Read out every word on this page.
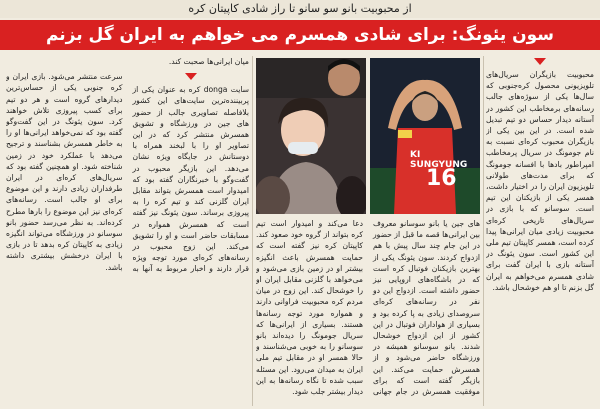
از محبوبیت بانو سو سانو تا راز شادی کاپیتان کره
سون یئونگ: برای شادی همسرم می خواهم به ایران گل بزنم

محبوبیت بازیگران سریال‌های تلویزیونی محصول کره‌جنوبی که سال‌ها یکی از سوژه‌های جالب رسانه‌های برمخاطب این کشور در آستانه دیدار حساس دو تیم تبدیل شده است. در این بین یکی از بازیگران محبوب کره‌ای نسبت به نام جومونگ در سریال پرمخاطب امپراطور بادها با افسانه جومونگ که برای مدت‌های طولانی تلویزیون ایران را در اختیار داشت، همسر یکی از بازیکنان این تیم است. سوسانو که با بازی در سریال‌های تاریخی کره‌ای محبوبیت زیادی میان ایرانی‌ها پیدا کرده است، همسر کاپیتان تیم ملی این کشور است. سون یئونگ در آستانه بازی با ایران گفت برای شادی همسرم می‌خواهم به ایران گل بزنم تا او هم خوشحال باشد.

KI SUNGYUNG
16

های جین یا بانو سوسانو معروف بین ایرانی‌ها قصه ما قبل از حضور در این جام چند سال پیش با هم ازدواج کردند. سون یئونگ یکی از بهترین بازیکنان فوتبال کره است که در باشگاه‌های اروپایی نیز حضور داشته است. ازدواج این دو نفر در رسانه‌های کره‌ای سروصدای زیادی به پا کرده بود و بسیاری از هواداران فوتبال در این کشور از این ازدواج خوشحال شدند. بانو سوسانو همیشه در ورزشگاه حاضر می‌شود و از همسرش حمایت می‌کند. این بازیگر گفته است که برای موفقیت همسرش در جام جهانی دعا می‌کند و امیدوار است تیم کره بتواند از گروه خود صعود کند. کاپیتان کره نیز گفته است که حمایت همسرش باعث انگیزه بیشتر او در زمین بازی می‌شود و می‌خواهد با گلزنی مقابل ایران او را خوشحال کند. این زوج در میان مردم کره محبوبیت فراوانی دارند و همواره مورد توجه رسانه‌ها هستند. بسیاری از ایرانی‌ها که سریال جومونگ را دیده‌اند بانو سوسانو را به خوبی می‌شناسند و حالا همسر او در مقابل تیم ملی ایران به میدان می‌رود. این مسئله سبب شده تا نگاه رسانه‌ها به این دیدار بیشتر جلب شود.

میان ایرانی‌ها صحبت کند.

سایت donga کره به عنوان یکی از پربیننده‌ترین سایت‌های این کشور بلافاصله تصاویری جالب از حضور های جین در ورزشگاه و تشویق همسرش منتشر کرد که در این تصاویر او را با لبخند همراه با دوستانش در جایگاه ویژه نشان می‌دهد. این بازیگر محبوب در گفت‌وگو با خبرنگاران گفته بود که امیدوار است همسرش بتواند مقابل ایران گلزنی کند و تیم کره را به پیروزی برساند. سون یئونگ نیز گفته است که همسرش همواره در مسابقات حاضر است و او را تشویق می‌کند. این زوج محبوب در رسانه‌های کره‌ای مورد توجه ویژه قرار دارند و اخبار مربوط به آنها به سرعت منتشر می‌شود. بازی ایران و کره جنوبی یکی از حساس‌ترین دیدارهای گروه است و هر دو تیم برای کسب پیروزی تلاش خواهند کرد. سون یئونگ در این گفت‌وگو گفته بود که نمی‌خواهد ایرانی‌ها او را به خاطر همسرش بشناسند و ترجیح می‌دهد با عملکرد خود در زمین شناخته شود. او همچنین گفته بود که سریال‌های کره‌ای در ایران طرفداران زیادی دارند و این موضوع برای او جالب است. رسانه‌های کره‌ای نیز این موضوع را بارها مطرح کرده‌اند. به نظر می‌رسد حضور بانو سوسانو در ورزشگاه می‌تواند انگیزه زیادی به کاپیتان کره بدهد تا در بازی با ایران درخشش بیشتری داشته باشد.
